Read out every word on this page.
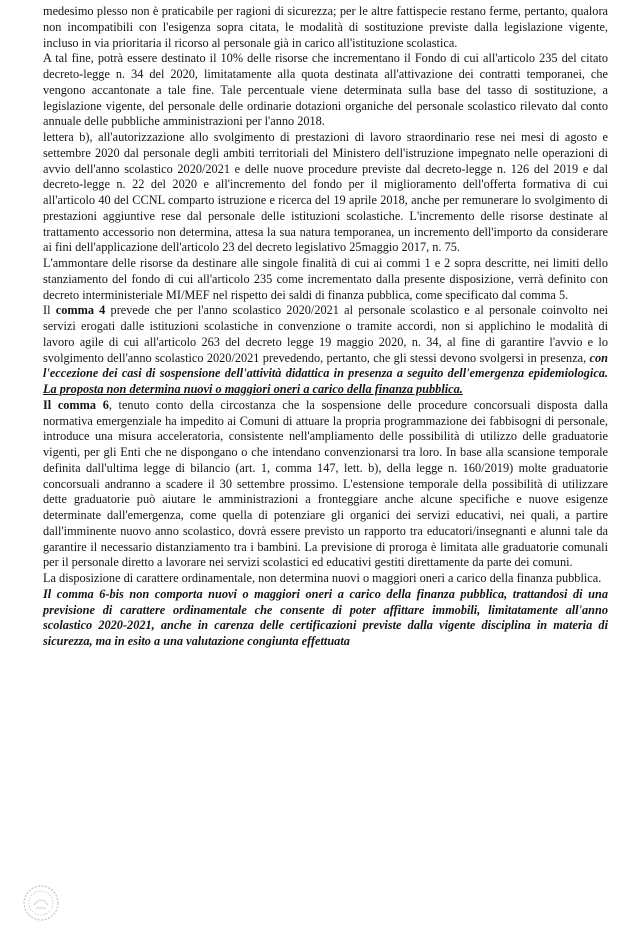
medesimo plesso non è praticabile per ragioni di sicurezza; per le altre fattispecie restano ferme, pertanto, qualora non incompatibili con l'esigenza sopra citata, le modalità di sostituzione previste dalla legislazione vigente, incluso in via prioritaria il ricorso al personale già in carico all'istituzione scolastica.

A tal fine, potrà essere destinato il 10% delle risorse che incrementano il Fondo di cui all'articolo 235 del citato decreto-legge n. 34 del 2020, limitatamente alla quota destinata all'attivazione dei contratti temporanei, che vengono accantonate a tale fine. Tale percentuale viene determinata sulla base del tasso di sostituzione, a legislazione vigente, del personale delle ordinarie dotazioni organiche del personale scolastico rilevato dal conto annuale delle pubbliche amministrazioni per l'anno 2018.

lettera b), all'autorizzazione allo svolgimento di prestazioni di lavoro straordinario rese nei mesi di agosto e settembre 2020 dal personale degli ambiti territoriali del Ministero dell'istruzione impegnato nelle operazioni di avvio dell'anno scolastico 2020/2021 e delle nuove procedure previste dal decreto-legge n. 126 del 2019 e dal decreto-legge n. 22 del 2020 e all'incremento del fondo per il miglioramento dell'offerta formativa di cui all'articolo 40 del CCNL comparto istruzione e ricerca del 19 aprile 2018, anche per remunerare lo svolgimento di prestazioni aggiuntive rese dal personale delle istituzioni scolastiche. L'incremento delle risorse destinate al trattamento accessorio non determina, attesa la sua natura temporanea, un incremento dell'importo da considerare ai fini dell'applicazione dell'articolo 23 del decreto legislativo 25maggio 2017, n. 75.

L'ammontare delle risorse da destinare alle singole finalità di cui ai commi 1 e 2 sopra descritte, nei limiti dello stanziamento del fondo di cui all'articolo 235 come incrementato dalla presente disposizione, verrà definito con decreto interministeriale MI/MEF nel rispetto dei saldi di finanza pubblica, come specificato dal comma 5.

Il comma 4 prevede che per l'anno scolastico 2020/2021 al personale scolastico e al personale coinvolto nei servizi erogati dalle istituzioni scolastiche in convenzione o tramite accordi, non si applichino le modalità di lavoro agile di cui all'articolo 263 del decreto legge 19 maggio 2020, n. 34, al fine di garantire l'avvio e lo svolgimento dell'anno scolastico 2020/2021 prevedendo, pertanto, che gli stessi devono svolgersi in presenza, con l'eccezione dei casi di sospensione dell'attività didattica in presenza a seguito dell'emergenza epidemiologica. La proposta non determina nuovi o maggiori oneri a carico della finanza pubblica.

Il comma 6, tenuto conto della circostanza che la sospensione delle procedure concorsuali disposta dalla normativa emergenziale ha impedito ai Comuni di attuare la propria programmazione dei fabbisogni di personale, introduce una misura acceleratoria, consistente nell'ampliamento delle possibilità di utilizzo delle graduatorie vigenti, per gli Enti che ne dispongano o che intendano convenzionarsi tra loro. In base alla scansione temporale definita dall'ultima legge di bilancio (art. 1, comma 147, lett. b), della legge n. 160/2019) molte graduatorie concorsuali andranno a scadere il 30 settembre prossimo. L'estensione temporale della possibilità di utilizzare dette graduatorie può aiutare le amministrazioni a fronteggiare anche alcune specifiche e nuove esigenze determinate dall'emergenza, come quella di potenziare gli organici dei servizi educativi, nei quali, a partire dall'imminente nuovo anno scolastico, dovrà essere previsto un rapporto tra educatori/insegnanti e alunni tale da garantire il necessario distanziamento tra i bambini. La previsione di proroga è limitata alle graduatorie comunali per il personale diretto a lavorare nei servizi scolastici ed educativi gestiti direttamente da parte dei comuni.

La disposizione di carattere ordinamentale, non determina nuovi o maggiori oneri a carico della finanza pubblica.

Il comma 6-bis non comporta nuovi o maggiori oneri a carico della finanza pubblica, trattandosi di una previsione di carattere ordinamentale che consente di poter affittare immobili, limitatamente all'anno scolastico 2020-2021, anche in carenza delle certificazioni previste dalla vigente disciplina in materia di sicurezza, ma in esito a una valutazione congiunta effettuata
